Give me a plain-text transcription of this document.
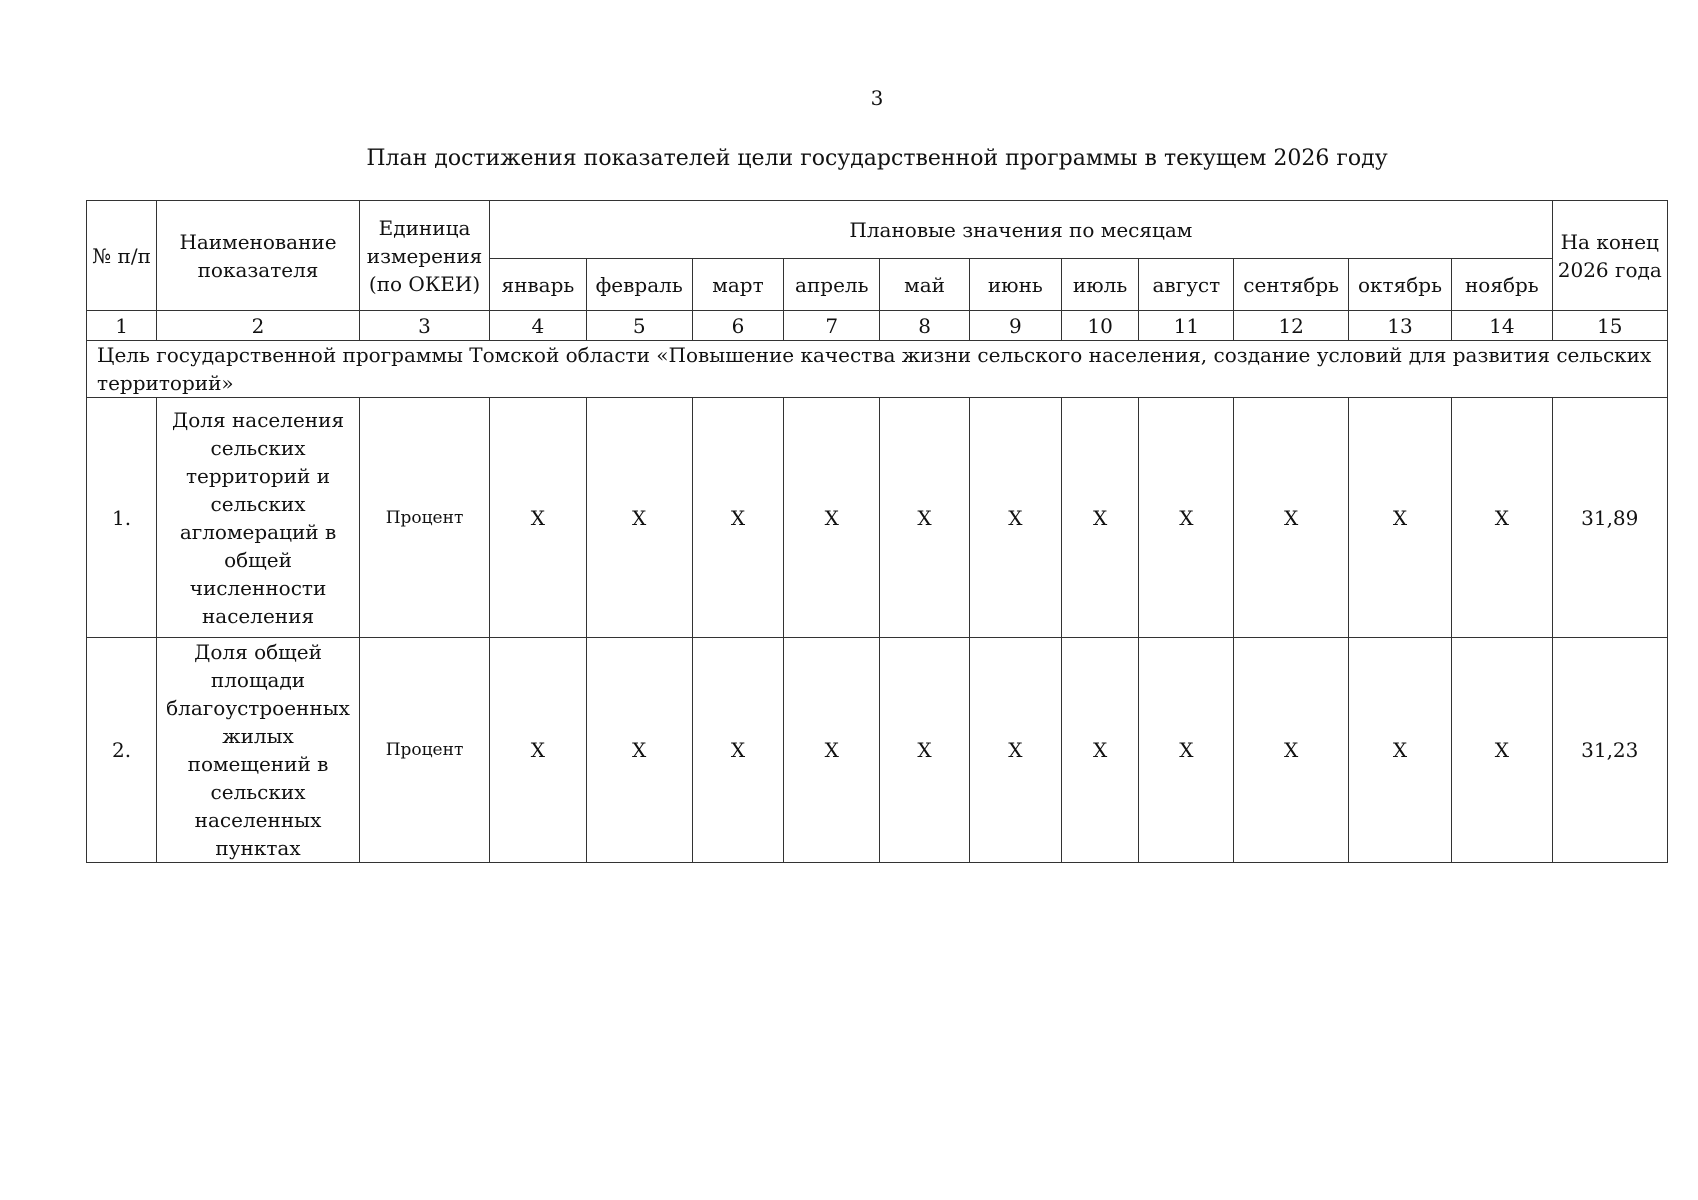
3
План достижения показателей цели государственной программы в текущем 2026 году
№ п/п	Наименование показателя	Единица измерения (по ОКЕИ)	Плановые значения по месяцам											На конец 2026 года
			январь	февраль	март	апрель	май	июнь	июль	август	сентябрь	октябрь	ноябрь	
1	2	3	4	5	6	7	8	9	10	11	12	13	14	15
Цель государственной программы Томской области «Повышение качества жизни сельского населения, создание условий для развития сельских территорий»														
1.	Доля населения сельских территорий и сельских агломераций в общей численности населения	Процент	X	X	X	X	X	X	X	X	X	X	X	31,89
2.	Доля общей площади благоустроенных жилых помещений в сельских населенных пунктах	Процент	X	X	X	X	X	X	X	X	X	X	X	31,23
